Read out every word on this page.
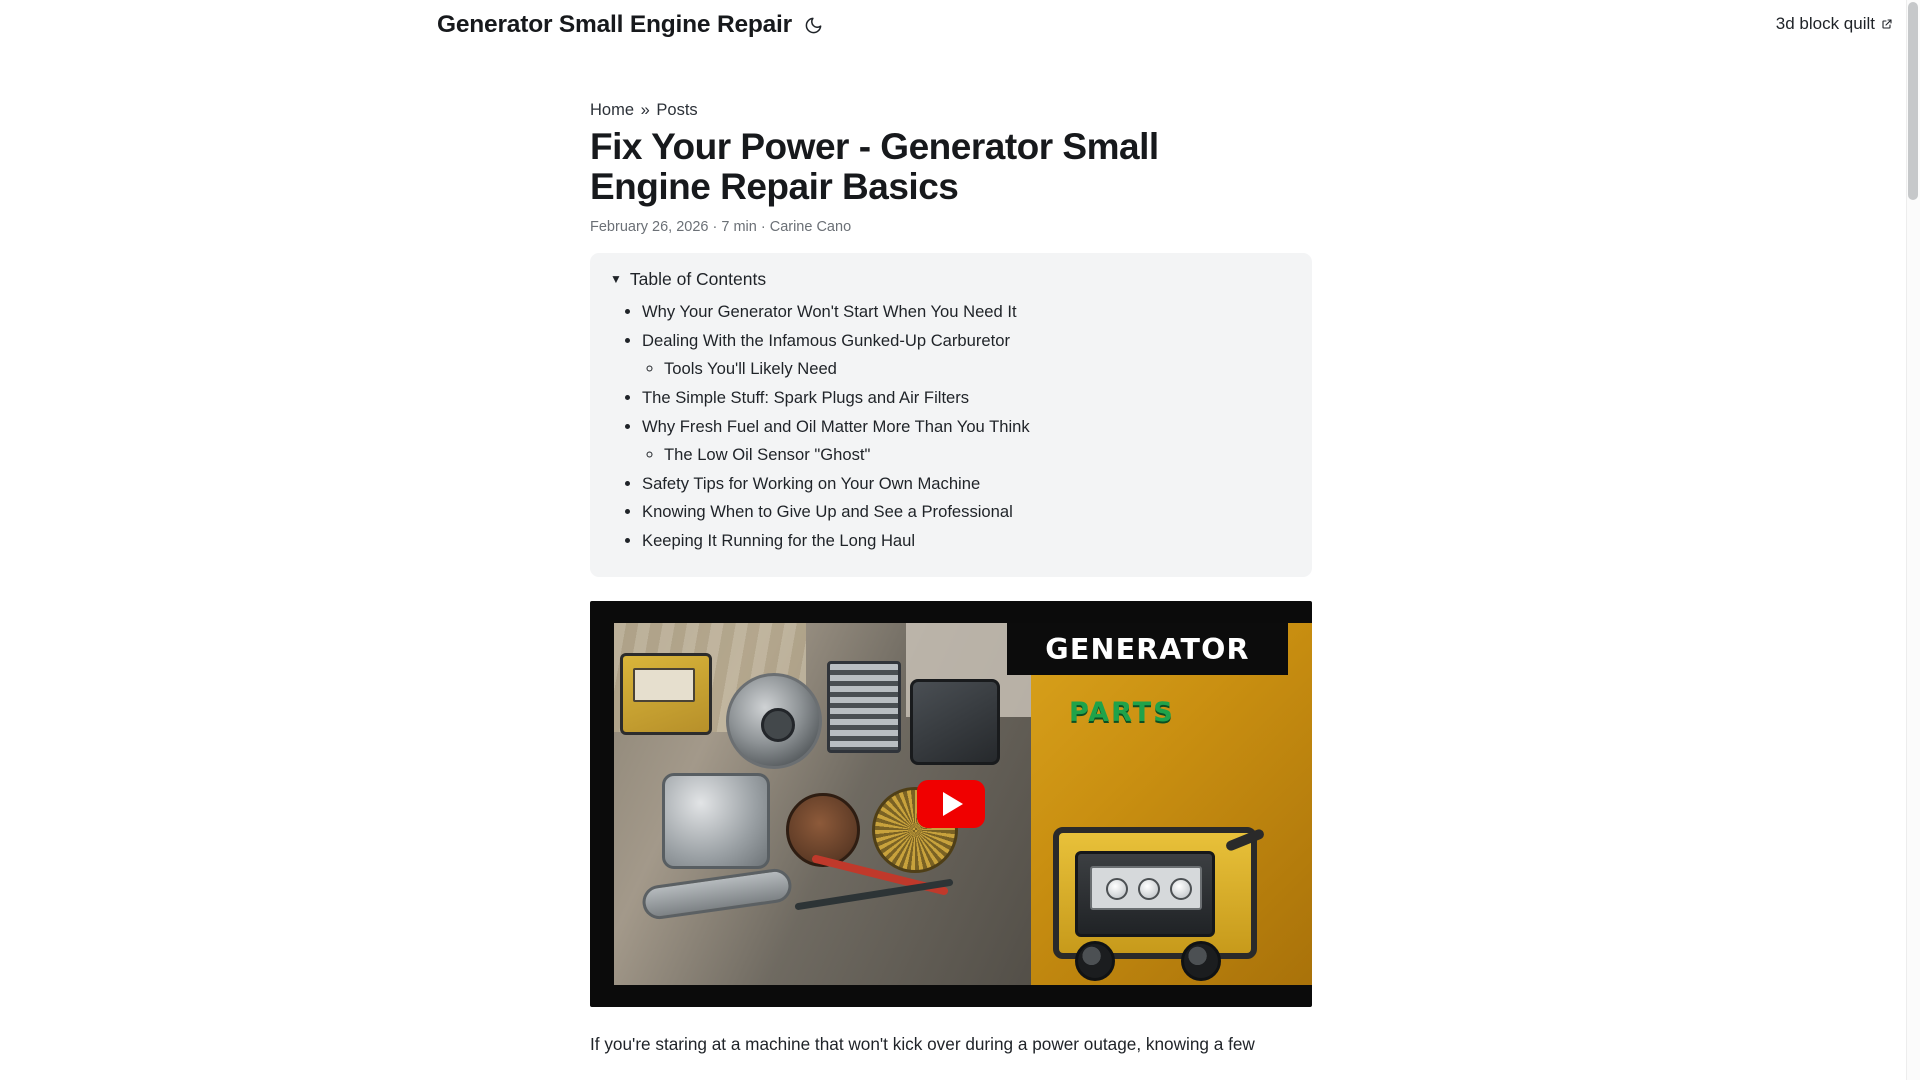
Generator Small Engine Repair	3d block quilt
Home » Posts
Fix Your Power - Generator Small Engine Repair Basics
February 26, 2026 · 7 min · Carine Cano
▼ Table of Contents
• Why Your Generator Won't Start When You Need It
• Dealing With the Infamous Gunked-Up Carburetor
◦ Tools You'll Likely Need
• The Simple Stuff: Spark Plugs and Air Filters
• Why Fresh Fuel and Oil Matter More Than You Think
◦ The Low Oil Sensor "Ghost"
• Safety Tips for Working on Your Own Machine
• Knowing When to Give Up and See a Professional
• Keeping It Running for the Long Haul
PARTS
GENERATOR
If you're staring at a machine that won't kick over during a power outage, knowing a few
